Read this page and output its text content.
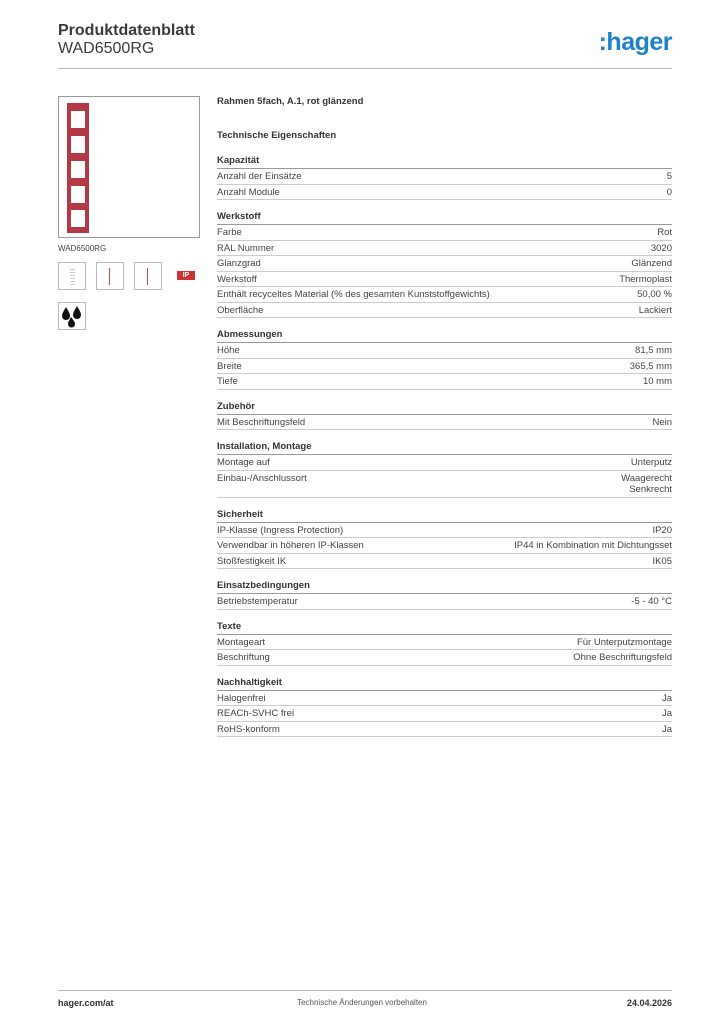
Produktdatenblatt
WAD6500RG	:hager
WAD6500RG
IP
Rahmen 5fach, A.1, rot glänzend
Technische Eigenschaften
Kapazität
Anzahl der Einsätze	5
Anzahl Module	0
Werkstoff
Farbe	Rot
RAL Nummer	3020
Glanzgrad	Glänzend
Werkstoff	Thermoplast
Enthält recyceltes Material (% des gesamten Kunststoffgewichts)	50,00 %
Oberfläche	Lackiert
Abmessungen
Höhe	81,5 mm
Breite	365,5 mm
Tiefe	10 mm
Zubehör
Mit Beschriftungsfeld	Nein
Installation, Montage
Montage auf	Unterputz
Einbau-/Anschlussort	Waagerecht
Senkrecht
Sicherheit
IP-Klasse (Ingress Protection)	IP20
Verwendbar in höheren IP-Klassen	IP44 in Kombination mit Dichtungsset
Stoßfestigkeit IK	IK05
Einsatzbedingungen
Betriebstemperatur	-5 - 40 °C
Texte
Montageart	Für Unterputzmontage
Beschriftung	Ohne Beschriftungsfeld
Nachhaltigkeit
Halogenfrei	Ja
REACh-SVHC frei	Ja
RoHS-konform	Ja
hager.com/at	Technische Änderungen vorbehalten	24.04.2026
